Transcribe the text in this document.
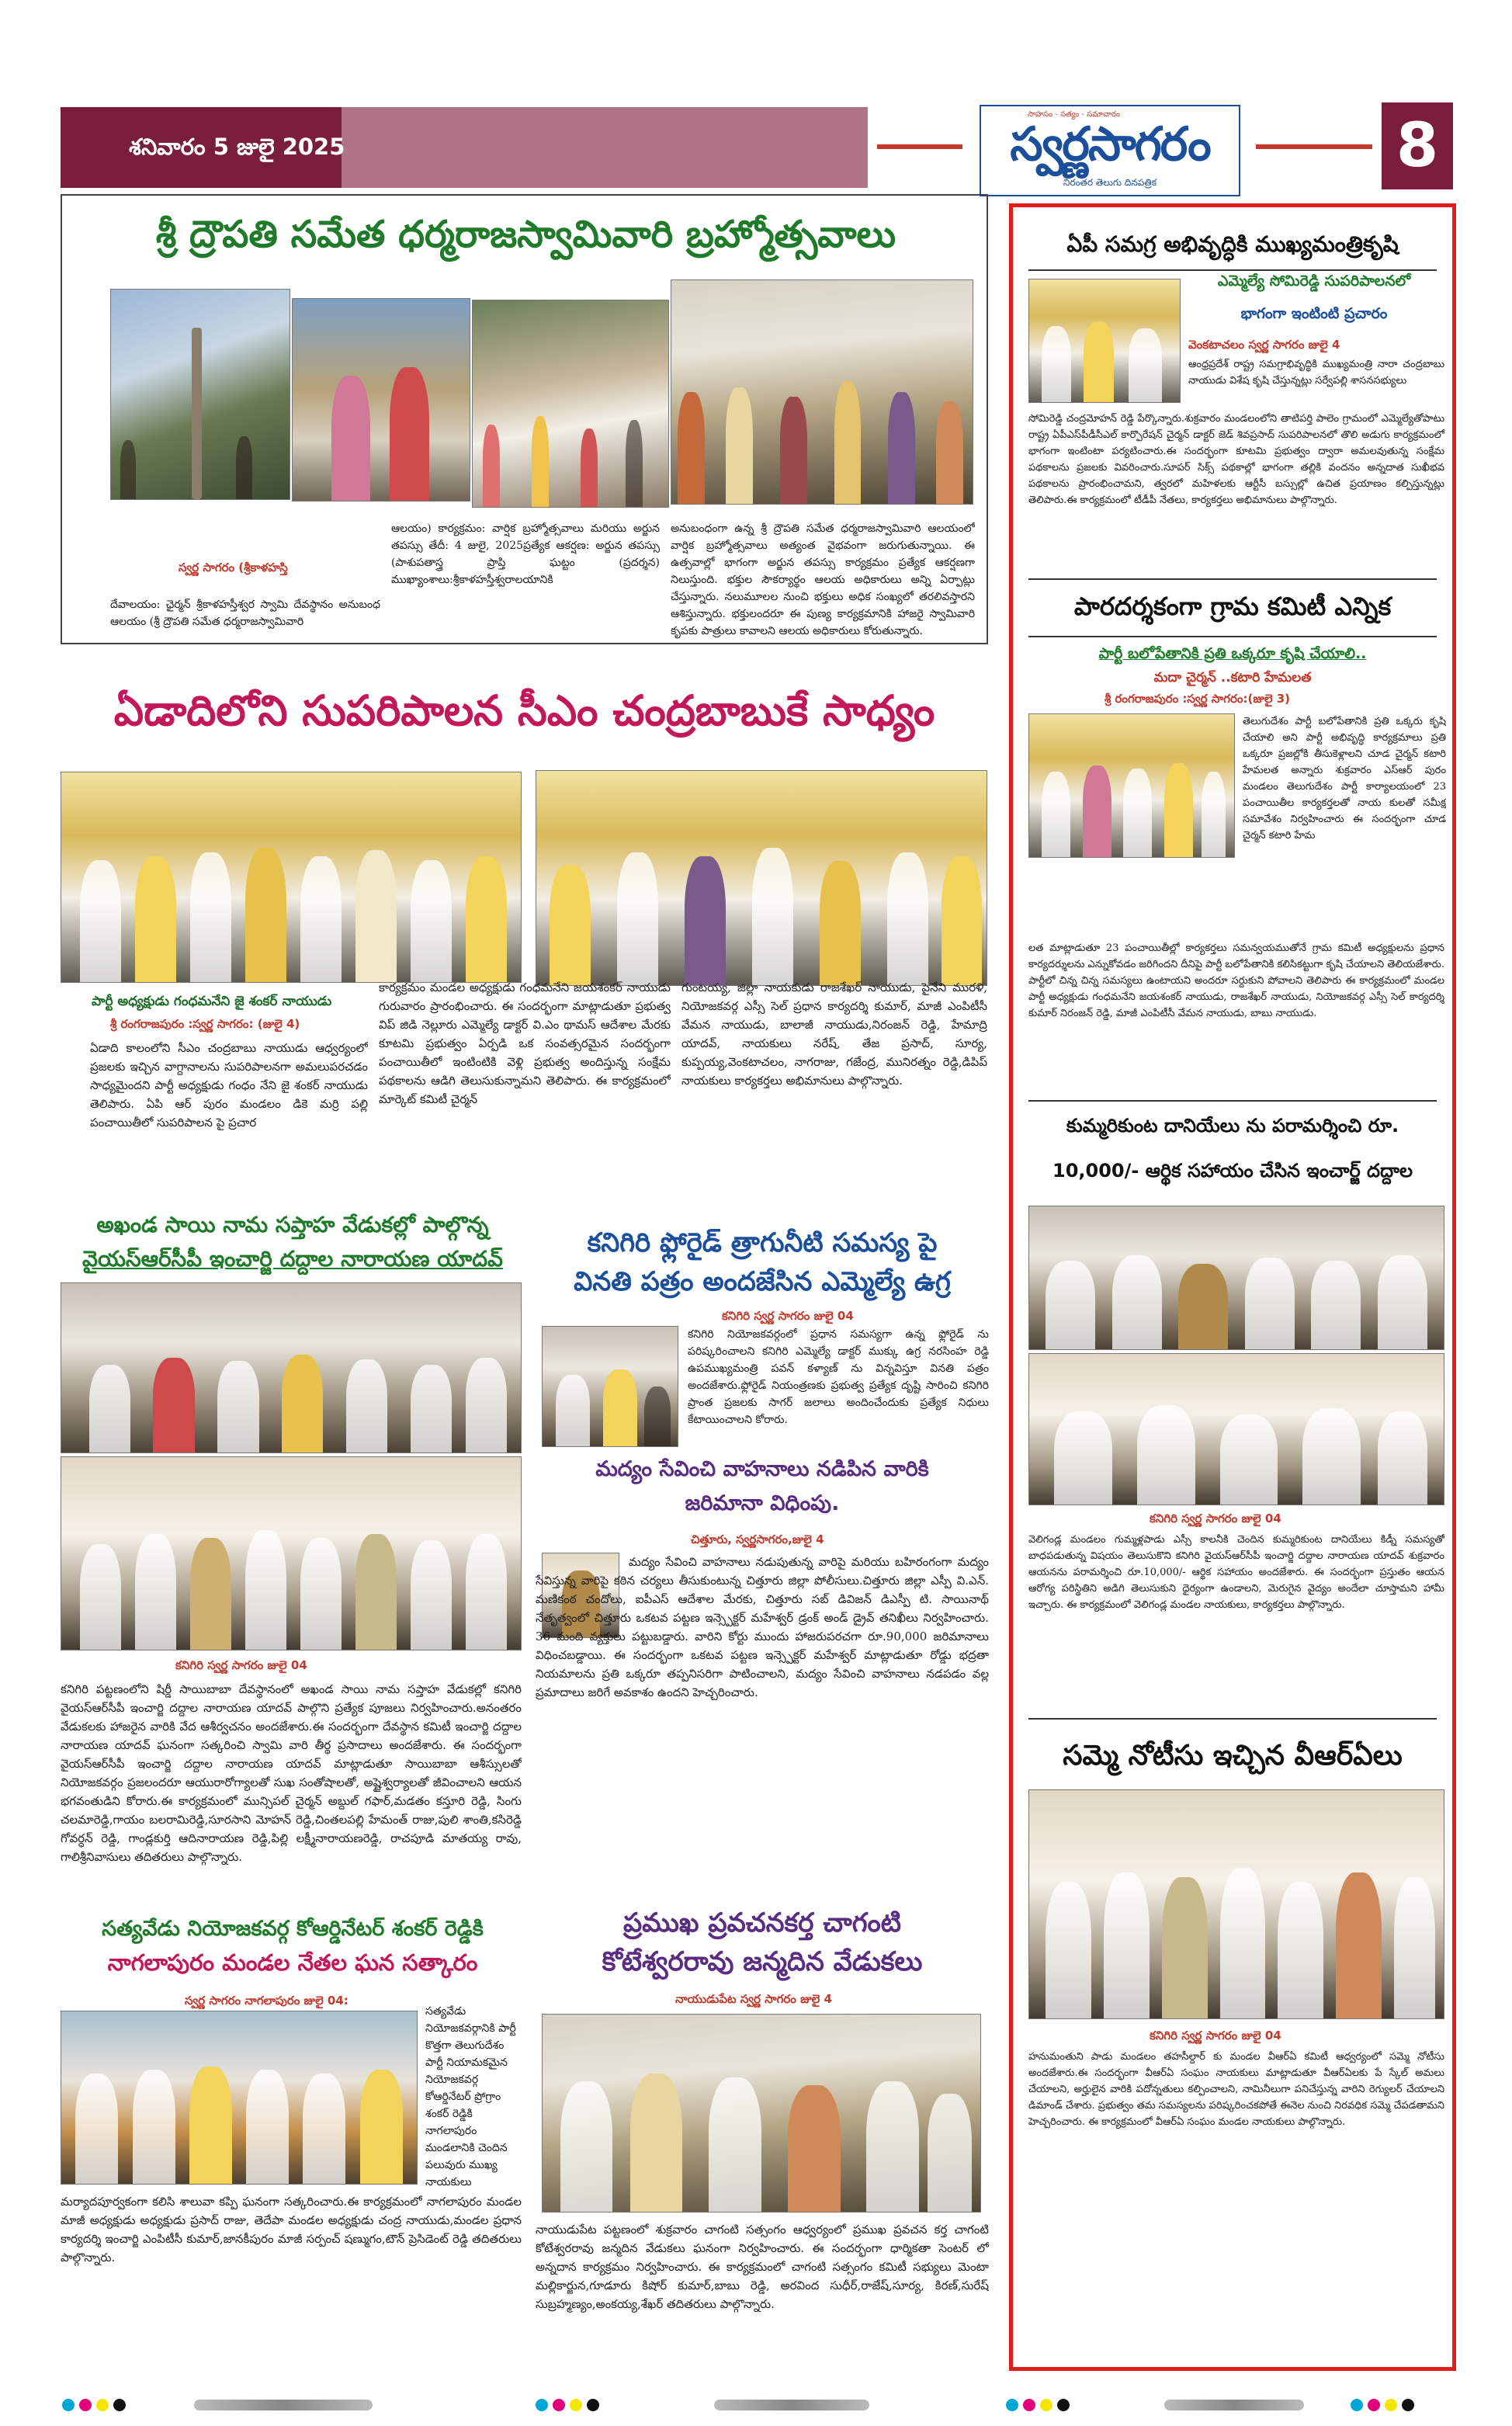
శనివారం 5 జులై 2025
సాహసం - సత్యం - సమాచారం
స్వర్ణసాగరం
నిరంతర తెలుగు దినపత్రిక
8
శ్రీ ద్రౌపతి సమేత ధర్మరాజస్వామివారి బ్రహ్మోత్సవాలు
స్వర్ణ సాగరం (శ్రీకాళహస్తి
దేవాలయం: ఛైర్మన్ శ్రీకాళహస్తీశ్వర స్వామి దేవస్థానం అనుబంధ ఆలయం (శ్రీ ద్రౌపతి సమేత ధర్మరాజస్వామివారి
ఆలయం) కార్యక్రమం: వార్షిక బ్రహ్మోత్సవాలు మరియు అర్జున తపస్సు తేదీ: 4 జులై, 2025ప్రత్యేక ఆకర్షణ: అర్జున తపస్సు (పాశుపతాస్త్ర ప్రాప్తి ఘట్టం (ప్రదర్శన) ముఖ్యాంశాలు:శ్రీకాళహస్తీశ్వరాలయానికి
అనుబంధంగా ఉన్న శ్రీ ద్రౌపతి సమేత ధర్మరాజస్వామివారి ఆలయంలో వార్షిక బ్రహ్మోత్సవాలు అత్యంత వైభవంగా జరుగుతున్నాయి. ఈ ఉత్సవాల్లో భాగంగా అర్జున తపస్సు కార్యక్రమం ప్రత్యేక ఆకర్షణగా నిలుస్తుంది. భక్తుల సౌకర్యార్థం ఆలయ అధికారులు అన్ని ఏర్పాట్లు చేస్తున్నారు. నలుమూలల నుంచి భక్తులు అధిక సంఖ్యలో తరలివస్తారని ఆశిస్తున్నారు. భక్తులందరూ ఈ పుణ్య కార్యక్రమానికి హాజరై స్వామివారి కృపకు పాత్రులు కావాలని ఆలయ అధికారులు కోరుతున్నారు.
ఏడాదిలోని సుపరిపాలన సీఎం చంద్రబాబుకే సాధ్యం
పార్టీ అధ్యక్షుడు గంధమనేని జై శంకర్ నాయుడు
శ్రీ రంగరాజపురం :స్వర్ణ సాగరం: (జులై 4)
ఏడాది కాలంలోని సీఎం చంద్రబాబు నాయుడు ఆధ్వర్యంలో ప్రజలకు ఇచ్చిన వాగ్దానాలను సుపరిపాలనగా అమలుపరచడం సాధ్యమైందని పార్టీ అధ్యక్షుడు గంధం నేని జై శంకర్ నాయుడు తెలిపారు. ఏపి ఆర్ పురం మండలం డికె మర్రి పల్లి పంచాయితీలో సుపరిపాలన పై ప్రచార
కార్యక్రమం మండల అధ్యక్షుడు గంధమనేని జయశంకర్ నాయుడు గురువారం ప్రారంభించారు. ఈ సందర్భంగా మాట్లాడుతూ ప్రభుత్వ విప్ జిడి నెల్లూరు ఎమ్మెల్యే డాక్టర్ వి.ఎం థామస్ ఆదేశాల మేరకు కూటమి ప్రభుత్వం ఏర్పడి ఒక సంవత్సరమైన సందర్భంగా పంచాయితీలో ఇంటింటికి వెళ్లి ప్రభుత్వ అందిస్తున్న సంక్షేమ పథకాలను ఆడిగి తెలుసుకున్నామని తెలిపారు. ఈ కార్యక్రమంలో మార్కెట్ కమిటీ చైర్మన్
గుంటయ్య, జిల్లా నాయకుడు రాజశేఖర్ నాయుడు, పైనేని మురళి, నియోజకవర్గ ఎస్సీ సెల్ ప్రధాన కార్యదర్శి కుమార్, మాజీ ఎంపిటీసీ వేమన నాయుడు, బాలాజీ నాయుడు,నిరంజన్ రెడ్డి, హేమాద్రి యాదవ్, నాయకులు నరేష్, తేజ ప్రసాద్, సూర్య, కుప్పయ్య,వెంకటాచలం, నాగరాజు, గజేంద్ర, మునిరత్నం రెడ్డి,డిపిప్ నాయకులు కార్యకర్తలు అభిమానులు పాల్గొన్నారు.
అఖండ సాయి నామ సప్తాహ వేడుకల్లో పాల్గొన్న
వైయస్ఆర్‌సీపీ ఇంచార్జి దద్దాల నారాయణ యాదవ్
కనిగిరి స్వర్ణ సాగరం జులై 04
కనిగిరి పట్టణంలోని షిర్డీ సాయిబాబా దేవస్థానంలో అఖండ సాయి నామ సప్తాహ వేడుకల్లో కనిగిరి వైయస్ఆర్‌సీపీ ఇంచార్జి దద్దాల నారాయణ యాదవ్ పాల్గొని ప్రత్యేక పూజలు నిర్వహించారు.అనంతరం వేడుకలకు హాజరైన వారికి వేద ఆశీర్వచనం అందజేశారు.ఈ సందర్భంగా దేవస్థాన కమిటీ ఇంచార్జి దద్దాల నారాయణ యాదవ్ ఘనంగా సత్కరించి స్వామి వారి తీర్థ ప్రసాదాలు అందజేశారు. ఈ సందర్భంగా వైయస్ఆర్‌సీపీ ఇంచార్జి దద్దాల నారాయణ యాదవ్ మాట్లాడుతూ సాయిబాబా ఆశీస్సులతో నియోజకవర్గం ప్రజలందరూ ఆయురారోగ్యాలతో సుఖ సంతోషాలతో, అష్టైశ్వర్యాలతో జీవించాలని ఆయన భగవంతుడిని కోరారు.ఈ కార్యక్రమంలో మున్సిపల్ చైర్మన్ అబ్దుల్ గఫార్,మడతం కస్తూరి రెడ్డి, సింగు చలమారెడ్డి,గాయం బలరామిరెడ్డి,సూరసాని మోహన్ రెడ్డి,చింతలపల్లి హేమంత్ రాజు,పులి శాంతి,కసిరెడ్డి గోవర్ధన్ రెడ్డి, గాండ్లకుర్తి ఆదినారాయణ రెడ్డి,పిల్లి లక్ష్మీనారాయణరెడ్డి, రాచపూడి మాతయ్య రావు, గాలిశ్రీనివాసులు తదితరులు పాల్గొన్నారు.
సత్యవేడు నియోజకవర్గ కోఆర్డినేటర్ శంకర్ రెడ్డికి
నాగలాపురం మండల నేతల ఘన సత్కారం
స్వర్ణ సాగరం నాగలాపురం జులై 04:
సత్యవేడు నియోజకవర్గానికి పార్టీ కొత్తగా తెలుగుదేశం పార్టీ నియామకమైన నియోజకవర్గ కోఆర్డినేటర్ ప్రోగ్రాం శంకర్ రెడ్డికి నాగలాపురం మండలానికి చెందిన పలువురు ముఖ్య నాయకులు
మర్యాదపూర్వకంగా కలిసి శాలువా కప్పి ఘనంగా సత్కరించారు.ఈ కార్యక్రమంలో నాగలాపురం మండల మాజీ అధ్యక్షుడు అధ్యక్షుడు ప్రసాద్ రాజు, తెదేపా మండల అధ్యక్షుడు చంద్ర నాయుడు,మండల ప్రధాన కార్యదర్శి ఇంచార్జి ఎంపిటీసీ కుమార్,జానకీపురం మాజీ సర్పంచ్ షణ్ముగం,టౌన్ ప్రెసిడెంట్ రెడ్డి తదితరులు పాల్గొన్నారు.
కనిగిరి ఫ్లోరైడ్ త్రాగునీటి సమస్య పై
వినతి పత్రం అందజేసిన ఎమ్మెల్యే ఉగ్ర
కనిగిరి స్వర్ణ సాగరం జులై 04
కనిగిరి నియోజకవర్గంలో ప్రధాన సమస్యగా ఉన్న ఫ్లోరైడ్ ను పరిష్కరించాలని కనిగిరి ఎమ్మెల్యే డాక్టర్ ముక్కు ఉగ్ర నరసింహ రెడ్డి ఉపముఖ్యమంత్రి పవన్ కళ్యాణ్ ను విన్నవిస్తూ వినతి పత్రం అందజేశారు.ఫ్లోరైడ్ నియంత్రణకు ప్రభుత్వ ప్రత్యేక దృష్టి సారించి కనిగిరి ప్రాంత ప్రజలకు సాగర్ జలాలు అందించేందుకు ప్రత్యేక నిధులు కేటాయించాలని కోరారు.
మద్యం సేవించి వాహనాలు నడిపిన వారికి
జరిమానా విధింపు.
చిత్తూరు, స్వర్ణసాగరం,జులై 4
మద్యం సేవించి వాహనాలు నడుపుతున్న వారిపై మరియు బహిరంగంగా మద్యం సేవిస్తున్న వారిపై కఠిన చర్యలు తీసుకుంటున్న చిత్తూరు జిల్లా పోలీసులు.చిత్తూరు జిల్లా ఎస్పీ వి.ఎన్. మణికంఠ చందోలు, ఐపీఎస్ ఆదేశాల మేరకు, చిత్తూరు సబ్ డివిజన్ డిఎస్పీ టి. సాయినాథ్ నేతృత్వంలో చిత్తూరు ఒకటవ పట్టణ ఇన్స్పెక్టర్ మహేశ్వర్ డ్రంక్ అండ్ డ్రైవ్ తనిఖీలు నిర్వహించారు. 36 మంది వ్యక్తులు పట్టుబడ్డారు. వారిని కోర్టు ముందు హాజరుపరచగా రూ.90,000 జరిమానాలు విధించబడ్డాయి. ఈ సందర్భంగా ఒకటవ పట్టణ ఇన్స్పెక్టర్ మహేశ్వర్ మాట్లాడుతూ రోడ్డు భద్రతా నియమాలను ప్రతి ఒక్కరూ తప్పనిసరిగా పాటించాలని, మద్యం సేవించి వాహనాలు నడపడం వల్ల ప్రమాదాలు జరిగే అవకాశం ఉందని హెచ్చరించారు.
ప్రముఖ ప్రవచనకర్త చాగంటి
కోటేశ్వరరావు జన్మదిన వేడుకలు
నాయుడుపేట స్వర్ణ సాగరం జులై 4
నాయుడుపేట పట్టణంలో శుక్రవారం చాగంటి సత్సంగం ఆధ్వర్యంలో ప్రముఖ ప్రవచన కర్త చాగంటి కోటేశ్వరరావు జన్మదిన వేడుకలు ఘనంగా నిర్వహించారు. ఈ సందర్భంగా ధార్మికతా సెంటర్ లో అన్నదాన కార్యక్రమం నిర్వహించారు. ఈ కార్యక్రమంలో చాగంటి సత్సంగం కమిటీ సభ్యులు మెంటా మల్లికార్జున,గూడూరు కిషోర్ కుమార్,బాబు రెడ్డి, అరవింద సుధీర్,రాజేష్,సూర్య, కిరణ్,సురేష్ సుబ్రహ్మణ్యం,అంకయ్య,శేఖర్ తదితరులు పాల్గొన్నారు.
ఏపీ సమగ్ర అభివృద్ధికి ముఖ్యమంత్రికృషి
ఎమ్మెల్యే సోమిరెడ్డి సుపరిపాలనలో
భాగంగా ఇంటింటి ప్రచారం
వెంకటాచలం స్వర్ణ సాగరం జులై 4
ఆంధ్రప్రదేశ్ రాష్ట్ర సమగ్రాభివృద్ధికి ముఖ్యమంత్రి నారా చంద్రబాబు నాయుడు విశేష కృషి చేస్తున్నట్లు సర్వేపల్లి శాసనసభ్యులు
సోమిరెడ్డి చంద్రమోహన్ రెడ్డి పేర్కొన్నారు.శుక్రవారం మండలంలోని తాటిపర్తి పాలెం గ్రామంలో ఎమ్మెల్యేతోపాటు రాష్ట్ర ఏపీఎస్‌పీడీసీఎల్ కార్పొరేషన్ చైర్మన్ డాక్టర్ జెడ్ శివప్రసాద్‌ సుపరిపాలనలో తొలి అడుగు కార్యక్రమంలో భాగంగా ఇంటింటా పర్యటించారు.ఈ సందర్భంగా కూటమి ప్రభుత్వం ద్వారా అమలవుతున్న సంక్షేమ పథకాలను ప్రజలకు వివరించారు.సూపర్ సిక్స్ పథకాల్లో భాగంగా తల్లికి వందనం అన్నదాత సుఖీభవ పథకాలను ప్రారంభించామని, త్వరలో మహిళలకు ఆర్టీసీ బస్సుల్లో ఉచిత ప్రయాణం కల్పిస్తున్నట్లు తెలిపారు.ఈ కార్యక్రమంలో టీడీపీ నేతలు, కార్యకర్తలు అభిమానులు పాల్గొన్నారు.
పారదర్శకంగా గ్రామ కమిటీ ఎన్నిక
పార్టీ బలోపేతానికి ప్రతి ఒక్కరూ కృషి చేయాలి..
మదా చైర్మన్ ..కటారి హేమలత
శ్రీ రంగరాజపురం :స్వర్ణ సాగరం:(జులై 3)
తెలుగుదేశం పార్టీ బలోపేతానికి ప్రతి ఒక్కరు కృషి చేయాలి అని పార్టీ అభివృద్ధి కార్యక్రమాలు ప్రతి ఒక్కరూ ప్రజల్లోకి తీసుకెళ్లాలని చూడ చైర్మన్ కటారి హేమలత అన్నారు శుక్రవారం ఎస్ఆర్ పురం మండలం తెలుగుదేశం పార్టీ కార్యాలయంలో 23 పంచాయితీల కార్యకర్తలతో నాయ కులతో సమీక్ష సమావేశం నిర్వహించారు ఈ సందర్భంగా చూడ చైర్మన్ కటారి హేమ
లత మాట్లాడుతూ 23 పంచాయితీల్లో కార్యకర్తలు సమన్వయముతోనే గ్రామ కమిటీ అధ్యక్షులను ప్రధాన కార్యదర్శులను ఎన్నుకోవడం జరిగిందని దీనిపై పార్టీ బలోపేతానికి కలిసికట్టుగా కృషి చేయాలని తెలియజేశారు. పార్టీలో చిన్న చిన్న సమస్యలు ఉంటాయని అందరూ సర్దుకుని పోవాలని తెలిపారు ఈ కార్యక్రమంలో మండల పార్టీ అధ్యక్షుడు గంధమనేని జయశంకర్ నాయుడు, రాజశేఖర్ నాయుడు, నియోజకవర్గ ఎస్సీ సెల్ కార్యదర్శి కుమార్ నిరంజన్ రెడ్డి, మాజీ ఎంపిటీసీ వేమన నాయుడు, బాబు నాయుడు.
కుమ్మరికుంట దానియేలు ను పరామర్శించి రూ.
10,000/- ఆర్థిక సహాయం చేసిన ఇంచార్జ్ దద్దాల
కనిగిరి స్వర్ణ సాగరం జులై 04
వెలిగండ్ల మండలం గుమ్మళ్లపాడు ఎస్సీ కాలనీకి చెందిన కుమ్మరికుంట దానియేలు కిడ్నీ సమస్యతో బాధపడుతున్న విషయం తెలుసుకొని కనిగిరి వైయస్ఆర్‌సీపీ ఇంచార్జి దద్దాల నారాయణ యాదవ్ శుక్రవారం ఆయనను పరామర్శించి రూ.10,000/- ఆర్థిక సహాయం అందజేశారు. ఈ సందర్భంగా ప్రస్తుతం ఆయన ఆరోగ్య పరిస్థితిని అడిగి తెలుసుకుని ధైర్యంగా ఉండాలని, మెరుగైన వైద్యం అందేలా చూస్తామని హామీ ఇచ్చారు. ఈ కార్యక్రమంలో వెలిగండ్ల మండల నాయకులు, కార్యకర్తలు పాల్గొన్నారు.
సమ్మె నోటీసు ఇచ్చిన వీఆర్ఏలు
కనిగిరి స్వర్ణ సాగరం జులై 04
హనుమంతుని పాడు మండలం తహసీల్దార్ కు మండల వీఆర్ఏ కమిటీ ఆధ్వర్యంలో సమ్మె నోటీసు అందజేశారు.ఈ సందర్భంగా వీఆర్ఏ సంఘం నాయకులు మాట్లాడుతూ వీఆర్ఏలకు పే స్కేల్ అమలు చేయాలని, అర్హులైన వారికి పదోన్నతులు కల్పించాలని, నామినీలుగా పనిచేస్తున్న వారిని రెగ్యులర్ చేయాలని డిమాండ్ చేశారు. ప్రభుత్వం తమ సమస్యలను పరిష్కరించకపోతే ఈనెల నుంచి నిరవధిక సమ్మె చేపడతామని హెచ్చరించారు. ఈ కార్యక్రమంలో వీఆర్ఏ సంఘం మండల నాయకులు పాల్గొన్నారు.
